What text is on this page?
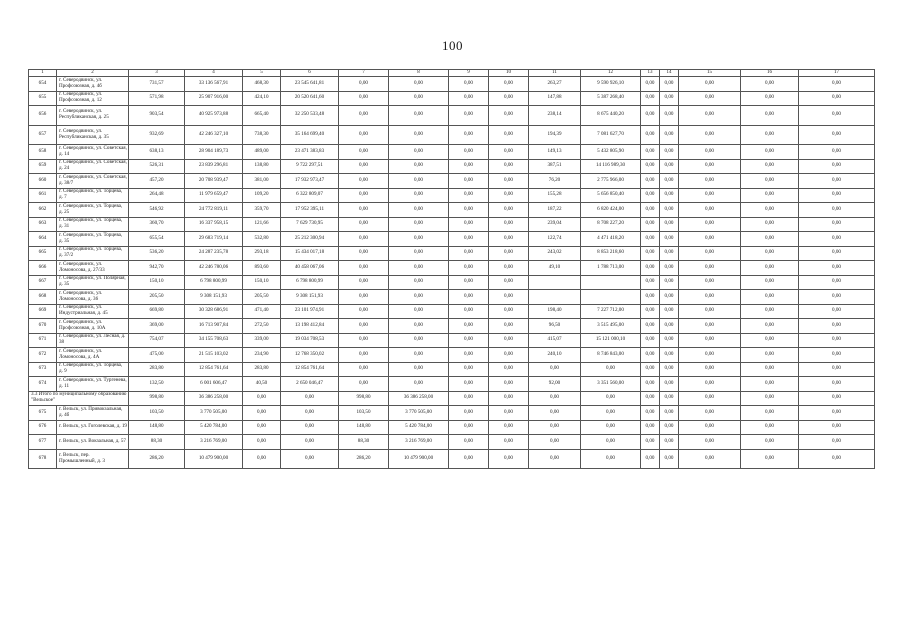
100
1	2	3	4	5	6	7	8	9	10	11	12	13	14	15	16	17
654	г. Северодвинск, ул. Профсоюзная, д. 4б	731,57	33 136 567,91	468,30	23 545 641,81	0,00	0,00	0,00	0,00	263,27	9 590 926,10	0,00	0,00	0,00	0,00	0,00
655	г. Северодвинск, ул. Профсоюзная, д. 12	571,98	25 907 916,00	424,10	20 520 641,60	0,00	0,00	0,00	0,00	147,88	5 387 268,40	0,00	0,00	0,00	0,00	0,00
656	г. Северодвинск, ул. Республиканская, д. 25	903,54	40 925 973,88	665,40	32 250 533,48	0,00	0,00	0,00	0,00	238,14	8 675 440,20	0,00	0,00	0,00	0,00	0,00
657	г. Северодвинск, ул. Республиканская, д. 35	932,69	42 246 327,10	738,30	35 164 699,40	0,00	0,00	0,00	0,00	194,39	7 081 627,70	0,00	0,00	0,00	0,00	0,00
658	г. Северодвинск, ул. Советская, д. 14	638,13	28 904 189,73	489,00	23 471 383,83	0,00	0,00	0,00	0,00	149,13	5 432 805,90	0,00	0,00	0,00	0,00	0,00
659	г. Северодвинск, ул. Советская, д. 24	526,31	23 839 296,81	138,80	9 722 297,51	0,00	0,00	0,00	0,00	387,51	14 116 989,30	0,00	0,00	0,00	0,00	0,00
660	г. Северодвинск, ул. Советская, д. 38/7	457,20	20 708 939,47	381,00	17 932 973,47	0,00	0,00	0,00	0,00	76,20	2 775 966,00	0,00	0,00	0,00	0,00	0,00
661	г. Северодвинск, ул. Торцева, д. 7	264,48	11 979 659,47	109,20	6 322 809,07	0,00	0,00	0,00	0,00	155,28	5 656 850,40	0,00	0,00	0,00	0,00	0,00
662	г. Северодвинск, ул. Торцева, д. 25	546,92	24 772 819,11	359,70	17 952 395,11	0,00	0,00	0,00	0,00	187,22	6 820 424,00	0,00	0,00	0,00	0,00	0,00
663	г. Северодвинск, ул. Торцева, д. 31	360,70	16 337 958,15	121,66	7 629 730,95	0,00	0,00	0,00	0,00	239,04	8 708 227,20	0,00	0,00	0,00	0,00	0,00
664	г. Северодвинск, ул. Торцева, д. 35	655,54	29 683 719,14	532,80	25 212 300,94	0,00	0,00	0,00	0,00	122,74	4 471 418,20	0,00	0,00	0,00	0,00	0,00
665	г. Северодвинск, ул. Торцева, д. 37/2	536,20	24 287 235,78	293,18	15 434 017,18	0,00	0,00	0,00	0,00	243,02	8 853 218,60	0,00	0,00	0,00	0,00	0,00
666	г. Северодвинск, ул. Ломоносова, д. 27/33	942,70	42 246 780,06	893,60	40 458 067,06	0,00	0,00	0,00	0,00	49,10	1 788 713,00	0,00	0,00	0,00	0,00	0,00
667	г. Северодвинск, ул. Полярная, д. 35	150,10	6 798 800,99	150,10	6 798 800,99	0,00	0,00	0,00	0,00			0,00	0,00	0,00	0,00	0,00
668	г. Северодвинск, ул. Ломоносова, д. 36	205,50	9 308 151,93	205,50	9 308 151,93	0,00	0,00	0,00	0,00			0,00	0,00	0,00	0,00	0,00
669	г. Северодвинск, ул. Индустриальная, д. 45	669,80	30 328 686,91	471,40	23 101 974,91	0,00	0,00	0,00	0,00	198,40	7 227 712,00	0,00	0,00	0,00	0,00	0,00
670	г. Северодвинск, ул. Профсоюзная, д. 10А	369,00	16 713 907,84	272,50	13 198 412,84	0,00	0,00	0,00	0,00	96,50	3 515 495,00	0,00	0,00	0,00	0,00	0,00
671	г. Северодвинск, ул. Лесная, д. 38	754,07	34 155 708,63	339,00	19 034 708,53	0,00	0,00	0,00	0,00	415,07	15 121 000,10	0,00	0,00	0,00	0,00	0,00
672	г. Северодвинск, ул. Ломоносова, д. 4А	475,00	21 515 103,02	234,90	12 768 350,02	0,00	0,00	0,00	0,00	240,10	8 746 843,00	0,00	0,00	0,00	0,00	0,00
673	г. Северодвинск, ул. Торцева, д. 9	283,80	12 854 761,64	283,80	12 854 761,64	0,00	0,00	0,00	0,00	0,00	0,00	0,00	0,00	0,00	0,00	0,00
674	г. Северодвинск, ул. Тургенева, д. 11	132,50	6 001 606,47	40,50	2 650 046,47	0,00	0,00	0,00	0,00	92,00	3 351 560,00	0,00	0,00	0,00	0,00	0,00
3.3 Итого по муниципальному образованию "Вельское"		998,80	36 386 258,00	0,00	0,00	998,80	36 386 258,00	0,00	0,00	0,00	0,00	0,00	0,00	0,00	0,00	0,00
675	г. Вельск, ул. Привокзальная, д. 4б	103,50	3 770 505,00	0,00	0,00	103,50	3 770 505,00	0,00	0,00	0,00	0,00	0,00	0,00	0,00	0,00	0,00
676	г. Вельск, ул. Гоголевская, д. 19	148,80	5 420 784,00	0,00	0,00	148,80	5 420 784,00	0,00	0,00	0,00	0,00	0,00	0,00	0,00	0,00	0,00
677	г. Вельск, ул. Вокзальная, д. 57	88,30	3 216 769,00	0,00	0,00	88,30	3 216 769,00	0,00	0,00	0,00	0,00	0,00	0,00	0,00	0,00	0,00
678	г. Вельск, пер. Промышленный, д. 3	286,20	10 479 900,00	0,00	0,00	286,20	10 479 900,00	0,00	0,00	0,00	0,00	0,00	0,00	0,00	0,00	0,00
